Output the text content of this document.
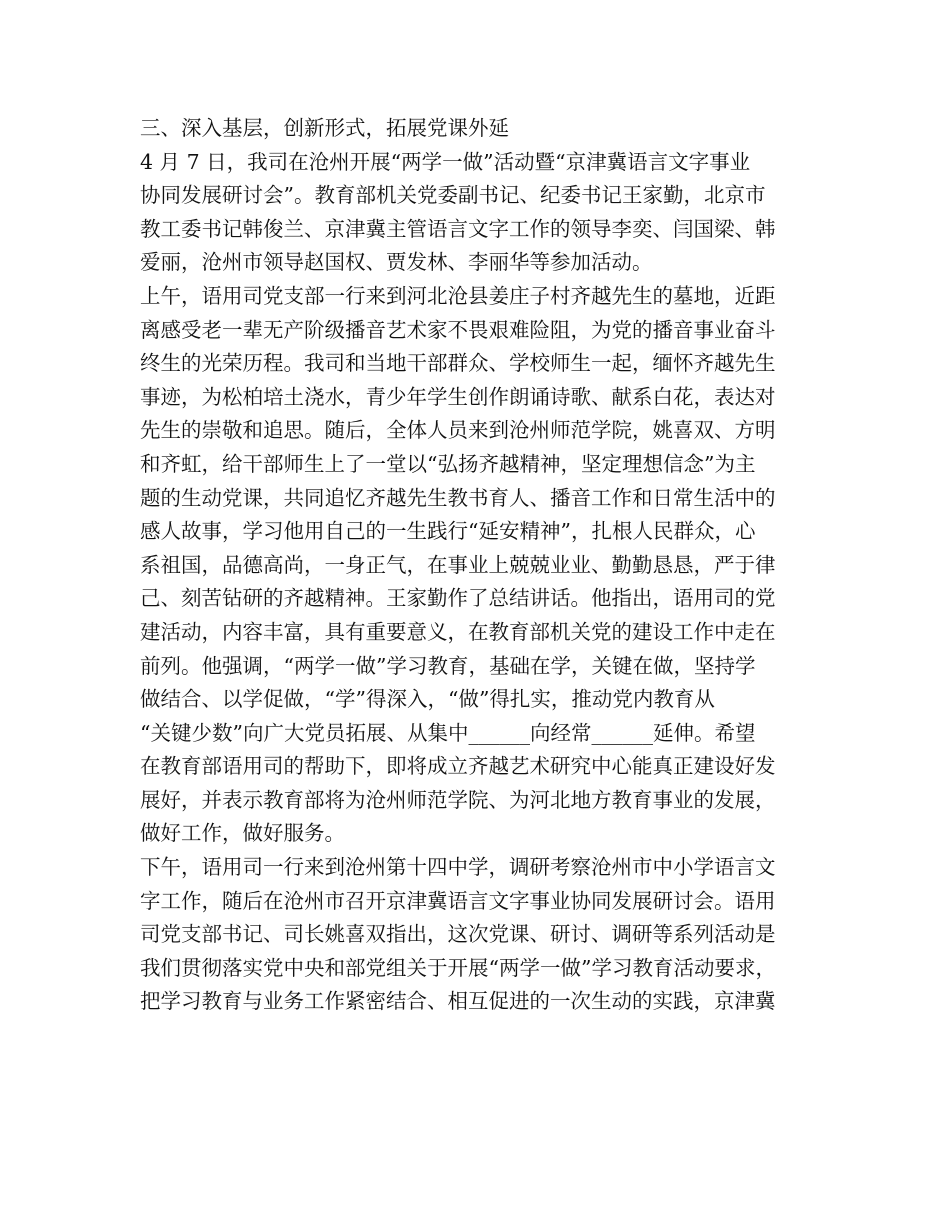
三、深入基层，创新形式，拓展党课外延
4 月 7 日，我司在沧州开展“两学一做”活动暨“京津冀语言文字事业
协同发展研讨会”。教育部机关党委副书记、纪委书记王家勤，北京市
教工委书记韩俊兰、京津冀主管语言文字工作的领导李奕、闫国梁、韩
爱丽，沧州市领导赵国权、贾发林、李丽华等参加活动。
上午，语用司党支部一行来到河北沧县姜庄子村齐越先生的墓地，近距
离感受老一辈无产阶级播音艺术家不畏艰难险阻，为党的播音事业奋斗
终生的光荣历程。我司和当地干部群众、学校师生一起，缅怀齐越先生
事迹，为松柏培土浇水，青少年学生创作朗诵诗歌、献系白花，表达对
先生的崇敬和追思。随后，全体人员来到沧州师范学院，姚喜双、方明
和齐虹，给干部师生上了一堂以“弘扬齐越精神，坚定理想信念”为主
题的生动党课，共同追忆齐越先生教书育人、播音工作和日常生活中的
感人故事，学习他用自己的一生践行“延安精神”，扎根人民群众，心
系祖国，品德高尚，一身正气，在事业上兢兢业业、勤勤恳恳，严于律
己、刻苦钻研的齐越精神。王家勤作了总结讲话。他指出，语用司的党
建活动，内容丰富，具有重要意义，在教育部机关党的建设工作中走在
前列。他强调，“两学一做”学习教育，基础在学，关键在做，坚持学
做结合、以学促做，“学”得深入，“做”得扎实，推动党内教育从
“关键少数”向广大党员拓展、从集中______向经常______延伸。希望
在教育部语用司的帮助下，即将成立齐越艺术研究中心能真正建设好发
展好，并表示教育部将为沧州师范学院、为河北地方教育事业的发展，
做好工作，做好服务。
下午，语用司一行来到沧州第十四中学，调研考察沧州市中小学语言文
字工作，随后在沧州市召开京津冀语言文字事业协同发展研讨会。语用
司党支部书记、司长姚喜双指出，这次党课、研讨、调研等系列活动是
我们贯彻落实党中央和部党组关于开展“两学一做”学习教育活动要求，
把学习教育与业务工作紧密结合、相互促进的一次生动的实践，京津冀
